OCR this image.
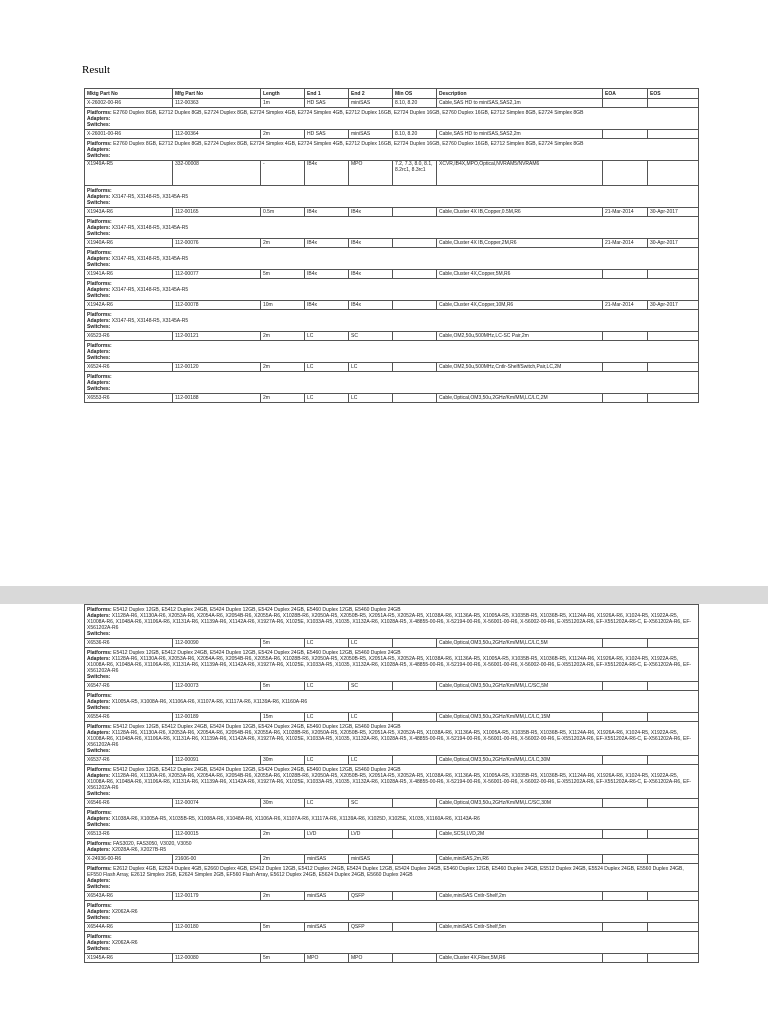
Result
Mktg Part No	Mfg Part No	Length	End 1	End 2	Min OS	Description	EOA	EOS
X-26002-00-R6	112-00363	1m	HD SAS	miniSAS	8.10, 8.20	Cable,SAS HD to miniSAS,SAS2,1m		

Platforms: E2760 Duplex 8GB, E2712 Duplex 8GB, E2724 Duplex 8GB, E2724 Simplex 4GB, E2724 Simplex 4GB, E2712 Duplex 16GB, E2724 Duplex 16GB, E2760 Duplex 16GB, E2712 Simplex 8GB, E2724 Simplex 8GB
Adapters:
Switches:								

X-26001-00-R6	112-00364	2m	HD SAS	miniSAS	8.10, 8.20	Cable,SAS HD to miniSAS,SAS2,2m		

Platforms: E2760 Duplex 8GB, E2712 Duplex 8GB, E2724 Duplex 8GB, E2724 Simplex 4GB, E2724 Simplex 4GB, E2712 Duplex 16GB, E2724 Duplex 16GB, E2760 Duplex 16GB, E2712 Simplex 8GB, E2724 Simplex 8GB
Adapters:
Switches:								

X1949A-R5	332-00008	-	IB4x	MPO	7.2, 7.3, 8.0, 8.1, 8.2rc1, 8.3rc1	XCVR,IB4X,MPO,Optical,NVRAM5/NVRAM6		

Platforms:
Adapters: X3147-R5, X3148-R5, X3145A-R5
Switches:								

X1943A-R6	112-00165	0.5m	IB4x	IB4x		Cable,Cluster 4X IB,Copper,0.5M,R6	21-Mar-2014	30-Apr-2017

Platforms:
Adapters: X3147-R5, X3148-R5, X3145A-R5
Switches:								

X1940A-R6	112-00076	2m	IB4x	IB4x		Cable,Cluster 4X IB,Copper,2M,R6	21-Mar-2014	30-Apr-2017

Platforms:
Adapters: X3147-R5, X3148-R5, X3145A-R5
Switches:								

X1941A-R6	112-00077	5m	IB4x	IB4x		Cable,Cluster 4X,Copper,5M,R6		

Platforms:
Adapters: X3147-R5, X3148-R5, X3145A-R5
Switches:								

X1942A-R6	112-00078	10m	IB4x	IB4x		Cable,Cluster 4X,Copper,10M,R6	21-Mar-2014	30-Apr-2017

Platforms:
Adapters: X3147-R5, X3148-R5, X3145A-R5
Switches:								

X6523-R6	112-00121	2m	LC	SC		Cable,OM2,50u,500MHz,LC-SC Pair,2m		

Platforms:
Adapters:
Switches:								

X6524-R6	112-00120	2m	LC	LC		Cable,OM2,50u,500MHz,Cntlr-Shelf/Switch,Pair,LC,2M		

Platforms:
Adapters:
Switches:								

X6553-R6	112-00188	2m	LC	LC		Cable,Optical,OM3,50u,2GHz/Km/MM,LC/LC,2M		
Platforms: E5412 Duplex 12GB, E5412 Duplex 24GB, E5424 Duplex 12GB, E5424 Duplex 24GB, E5460 Duplex 12GB, E5460 Duplex 24GB
Adapters: X1128A-R6, X1130A-R6, X2053A-R6, X2054A-R6, X2054B-R6, X2055A-R6, X1028B-R6, X2050A-R5, X2050B-R5, X2051A-R5, X2052A-R5, X1038A-R6, X1136A-R5, X1005A-R5, X1035B-R5, X1036B-R5, X1124A-R6, X1926A-R6, X1024-R5, X1922A-R5, X1008A-R6, X1048A-R6, X1106A-R6, X1131A-R6, X1139A-R6, X1142A-R6, X1927A-R6, X1025E, X1033A-R5, X1035, X1132A-R6, X1028A-R5, X-48855-00-R6, X-52194-00-R6, X-56001-00-R6, X-56002-00-R6, E-X551202A-R6, EF-X551202A-R6-C, E-X561202A-R6, EF-X561202A-R6
Switches:								

X6536-R6	112-00090	5m	LC	LC		Cable,Optical,OM3,50u,2GHz/Km/MM,LC/LC,5M		

Platforms: E5412 Duplex 12GB, E5412 Duplex 24GB, E5424 Duplex 12GB, E5424 Duplex 24GB, E5460 Duplex 12GB, E5460 Duplex 24GB
Adapters: X1128A-R6, X1130A-R6, X2053A-R6, X2054A-R6, X2054B-R6, X2055A-R6, X1028B-R6, X2050A-R5, X2050B-R5, X2051A-R5, X2052A-R5, X1038A-R6, X1136A-R5, X1005A-R5, X1035B-R5, X1036B-R5, X1124A-R6, X1926A-R6, X1024-R5, X1922A-R5, X1008A-R6, X1048A-R6, X1106A-R6, X1131A-R6, X1139A-R6, X1142A-R6, X1927A-R6, X1025E, X1033A-R5, X1035, X1132A-R6, X1028A-R5, X-48855-00-R6, X-52194-00-R6, X-56001-00-R6, X-56002-00-R6, E-X551202A-R6, EF-X551202A-R6-C, E-X561202A-R6, EF-X561202A-R6
Switches:								

X6547-R6	112-00073	5m	LC	SC		Cable,Optical,OM3,50u,2GHz/Km/MM,LC/SC,5M		

Platforms:
Adapters: X1005A-R5, X1008A-R6, X1106A-R6, X1107A-R6, X1117A-R6, X1139A-R6, X1160A-R6
Switches:								

X6554-R6	112-00189	15m	LC	LC		Cable,Optical,OM3,50u,2GHz/Km/MM,LC/LC,15M		

Platforms: E5412 Duplex 12GB, E5412 Duplex 24GB, E5424 Duplex 12GB, E5424 Duplex 24GB, E5460 Duplex 12GB, E5460 Duplex 24GB
Adapters: X1128A-R6, X1130A-R6, X2053A-R6, X2054A-R6, X2054B-R6, X2055A-R6, X1028B-R6, X2050A-R5, X2050B-R5, X2051A-R5, X2052A-R5, X1038A-R6, X1136A-R5, X1005A-R5, X1035B-R5, X1036B-R5, X1124A-R6, X1926A-R6, X1024-R5, X1922A-R5, X1008A-R6, X1048A-R6, X1106A-R6, X1131A-R6, X1139A-R6, X1142A-R6, X1927A-R6, X1025E, X1033A-R5, X1035, X1132A-R6, X1028A-R5, X-48855-00-R6, X-52194-00-R6, X-56001-00-R6, X-56002-00-R6, E-X551202A-R6, EF-X551202A-R6-C, E-X561202A-R6, EF-X561202A-R6
Switches:								

X6537-R6	112-00091	30m	LC	LC		Cable,Optical,OM3,50u,2GHz/Km/MM,LC/LC,30M		

Platforms: E5412 Duplex 12GB, E5412 Duplex 24GB, E5424 Duplex 12GB, E5424 Duplex 24GB, E5460 Duplex 12GB, E5460 Duplex 24GB
Adapters: X1128A-R6, X1130A-R6, X2053A-R6, X2054A-R6, X2054B-R6, X2055A-R6, X1028B-R6, X2050A-R5, X2050B-R5, X2051A-R5, X2052A-R5, X1038A-R6, X1136A-R5, X1005A-R5, X1035B-R5, X1036B-R5, X1124A-R6, X1926A-R6, X1024-R5, X1922A-R5, X1008A-R6, X1048A-R6, X1106A-R6, X1131A-R6, X1139A-R6, X1142A-R6, X1927A-R6, X1025E, X1033A-R5, X1035, X1132A-R6, X1028A-R5, X-48855-00-R6, X-52194-00-R6, X-56001-00-R6, X-56002-00-R6, E-X551202A-R6, EF-X551202A-R6-C, E-X561202A-R6, EF-X561202A-R6
Switches:								

X6546-R6	112-00074	30m	LC	SC		Cable,Optical,OM3,50u,2GHz/Km/MM,LC/SC,30M		

Platforms:
Adapters: X1038A-R6, X1005A-R5, X1035B-R5, X1008A-R6, X1048A-R6, X1106A-R6, X1107A-R6, X1117A-R6, X1139A-R6, X1025D, X1025E, X1035, X1160A-R6, X1143A-R6
Switches:								

X6513-R6	112-00015	2m	LVD	LVD		Cable,SCSI,LVD,2M		

Platforms: FAS3020, FAS3050, V3020, V3050
Adapters: X2028A-R6, X2027B-R5								

X-24936-00-R6	21606-00	2m	miniSAS	miniSAS		Cable,miniSAS,2m,R6		

Platforms: E2612 Duplex 4GB, E2624 Duplex 4GB, E2660 Duplex 4GB, E5412 Duplex 12GB, E5412 Duplex 24GB, E5424 Duplex 12GB, E5424 Duplex 24GB, E5460 Duplex 12GB, E5460 Duplex 24GB, E5512 Duplex 24GB, E5524 Duplex 24GB, E5560 Duplex 24GB, EF550 Flash Array, E2612 Simplex 2GB, E2624 Simplex 2GB, EF560 Flash Array, E5612 Duplex 24GB, E5624 Duplex 24GB, E5660 Duplex 24GB
Adapters:
Switches:								

X6543A-R6	112-00179	2m	miniSAS	QSFP		Cable,miniSAS Cntlr-Shelf,2m		

Platforms:
Adapters: X2062A-R6
Switches:								

X6544A-R6	112-00180	5m	miniSAS	QSFP		Cable,miniSAS Cntlr-Shelf,5m		

Platforms:
Adapters: X2062A-R6
Switches:								

X1945A-R6	112-00080	5m	MPO	MPO		Cable,Cluster 4X,Fiber,5M,R6		
